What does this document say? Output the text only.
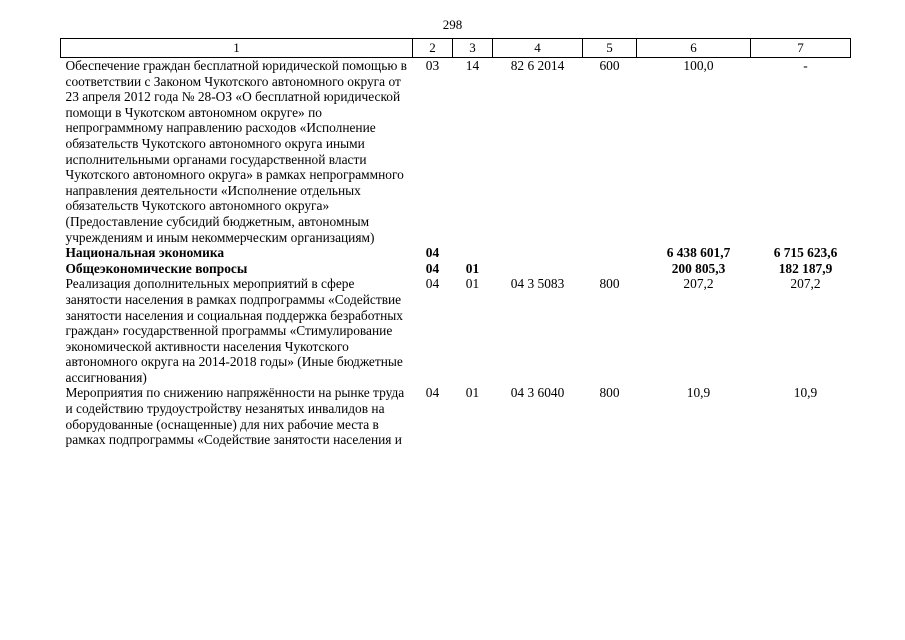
298
1	2	3	4	5	6	7
Обеспечение граждан бесплатной юридической помощью в соответствии с Законом Чукотского автономного округа от 23 апреля 2012 года № 28-ОЗ «О бесплатной юридической помощи в Чукотском автономном округе» по непрограммному направлению расходов «Исполнение обязательств Чукотского автономного округа иными исполнительными органами государственной власти Чукотского автономного округа» в рамках непрограммного направления деятельности «Исполнение отдельных обязательств Чукотского автономного округа» (Предоставление субсидий бюджетным, автономным учреждениям и иным некоммерческим организациям)	03	14	82 6 2014	600	100,0	-
Национальная экономика	04				6 438 601,7	6 715 623,6
Общеэкономические вопросы	04	01			200 805,3	182 187,9
Реализация дополнительных мероприятий в сфере занятости населения в рамках подпрограммы «Содействие занятости населения и социальная поддержка безработных граждан» государственной программы «Стимулирование экономической активности населения Чукотского автономного округа на 2014-2018 годы» (Иные бюджетные ассигнования)	04	01	04 3 5083	800	207,2	207,2
Мероприятия по снижению напряжённости на рынке труда и содействию трудоустройству незанятых инвалидов на оборудованные (оснащенные) для них рабочие места в рамках подпрограммы «Содействие занятости населения и	04	01	04 3 6040	800	10,9	10,9
